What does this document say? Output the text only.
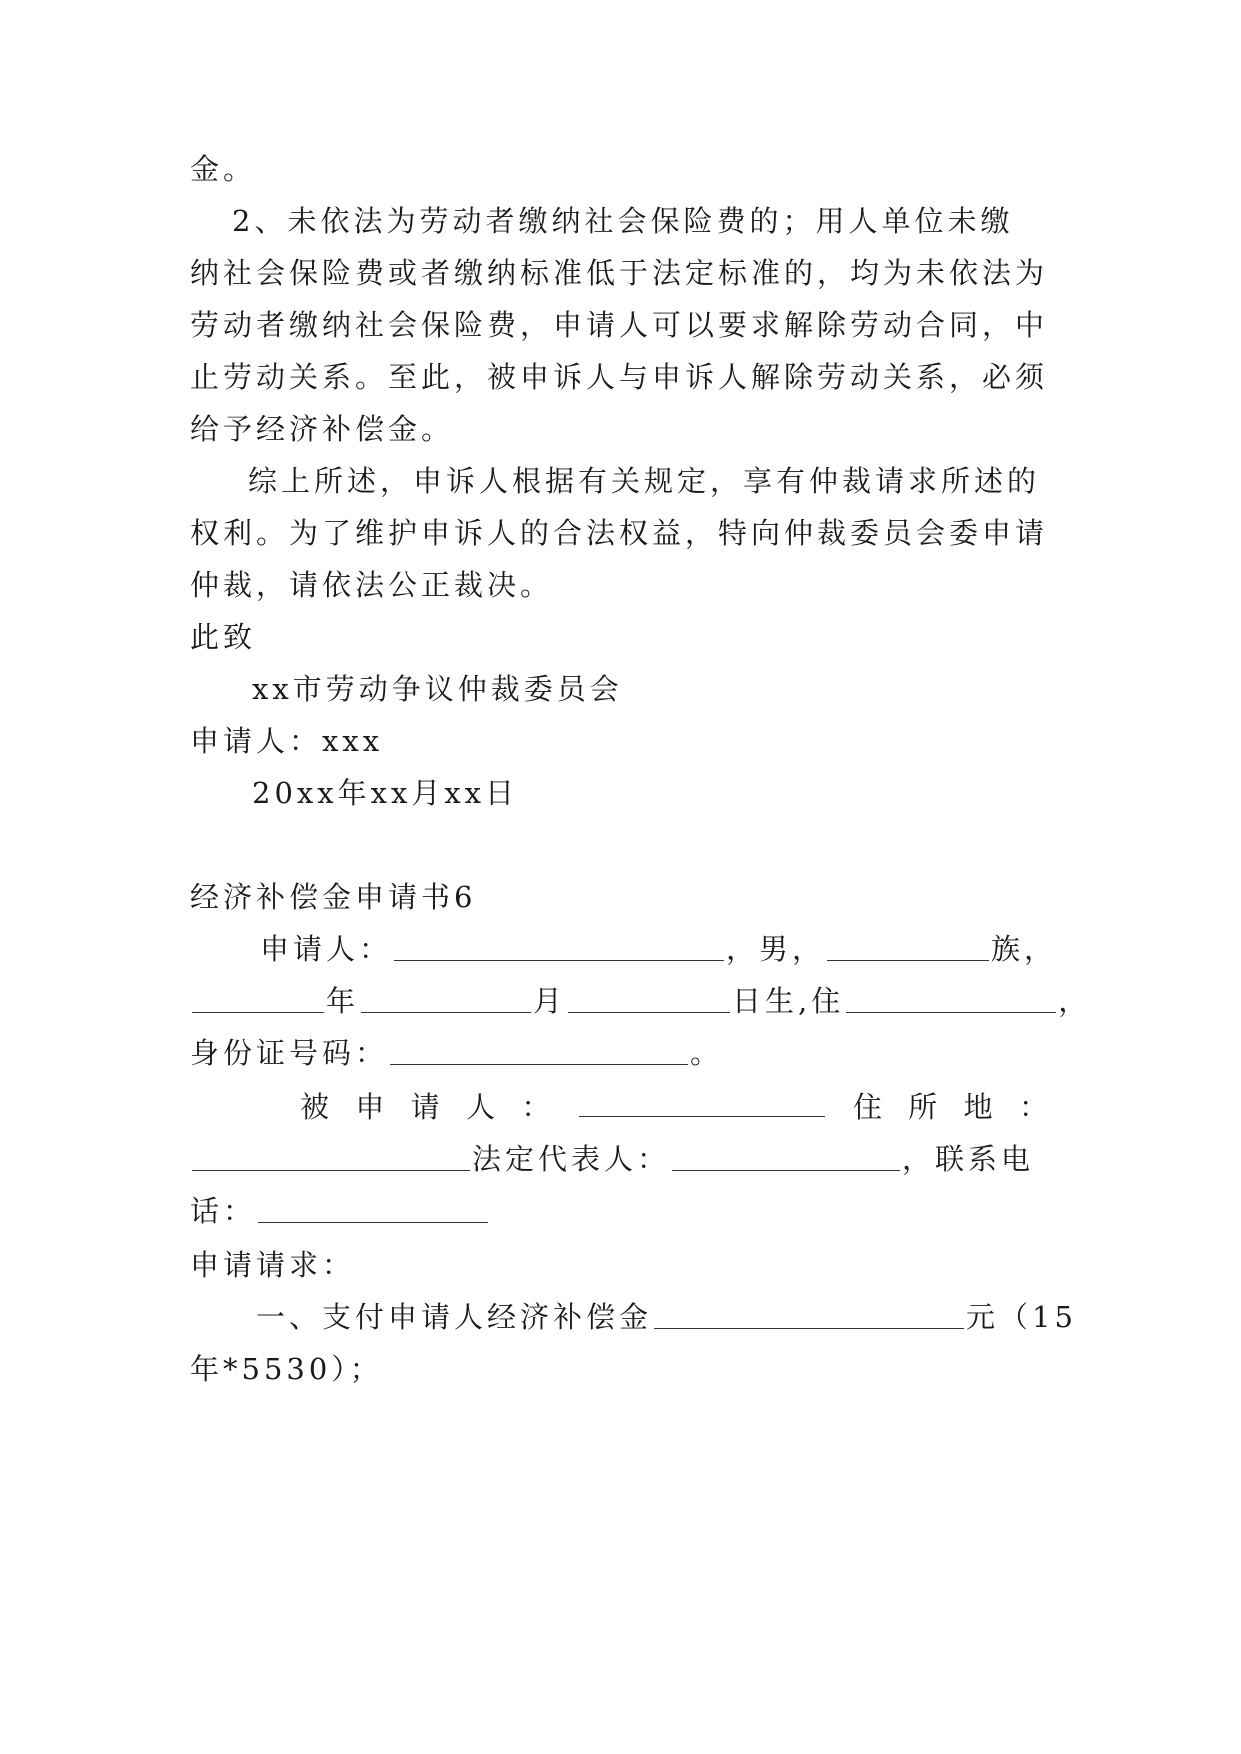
金。
2、未依法为劳动者缴纳社会保险费的；用人单位未缴
纳社会保险费或者缴纳标准低于法定标准的，均为未依法为
劳动者缴纳社会保险费，申请人可以要求解除劳动合同，中
止劳动关系。至此，被申诉人与申诉人解除劳动关系，必须
给予经济补偿金。
综上所述，申诉人根据有关规定，享有仲裁请求所述的
权利。为了维护申诉人的合法权益，特向仲裁委员会委申请
仲裁，请依法公正裁决。
此致
xx市劳动争议仲裁委员会
申请人：xxx
20xx年xx月xx日
经济补偿金申请书6
申请人：	，男，	族，
年	月	日生,住	，
身份证号码：	。
被 申 请 人 ：	住 所 地 ：
法定代表人：	，联系电
话：
申请请求：
一、支付申请人经济补偿金	元（15
年*5530）；
